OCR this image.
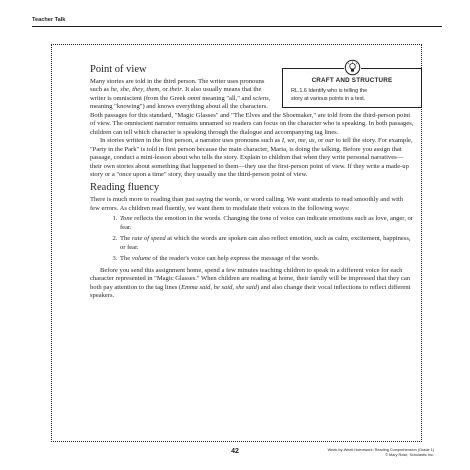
Teacher Talk
CRAFT AND STRUCTURE
RL.1.6 Identify who is telling the
story at various points in a text.
Point of view

Many stories are told in the third person. The writer uses pronouns such as he, she, they, them, or their. It also usually means that the writer is omniscient (from the Greek omni meaning "all," and sciens, meaning "knowing") and knows everything about all the characters. Both passages for this standard, "Magic Glasses" and "The Elves and the Shoemaker," are told from the third-person point of view. The omniscient narrator remains unnamed so readers can focus on the character who is speaking. In both passages, children can tell which character is speaking through the dialogue and accompanying tag lines.

In stories written in the first person, a narrator uses pronouns such as I, we, me, us, or our to tell the story. For example, "Party in the Park" is told in first person because the main character, Maria, is doing the talking. Before you assign that passage, conduct a mini-lesson about who tells the story. Explain to children that when they write personal narratives—their own stories about something that happened to them—they use the first-person point of view. If they write a made-up story or a "once upon a time" story, they usually use the third-person point of view.

Reading fluency

There is much more to reading than just saying the words, or word calling. We want students to read smoothly and with few errors. As children read fluently, we want them to modulate their voices in the following ways:

1. Tone reflects the emotion in the words. Changing the tone of voice can indicate emotions such as love, anger, or fear.
2. The rate of speed at which the words are spoken can also reflect emotion, such as calm, excitement, happiness, or fear.
3. The volume of the reader's voice can help express the message of the words.

Before you send this assignment home, spend a few minutes teaching children to speak in a different voice for each character represented in "Magic Glasses." When children are reading at home, their family will be impressed that they can both pay attention to the tag lines (Emma said, he said, she said) and also change their vocal inflections to reflect different speakers.

42	Week-by-Week Homework: Reading Comprehension (Grade 1)
© Mary Rose, Scholastic Inc.
